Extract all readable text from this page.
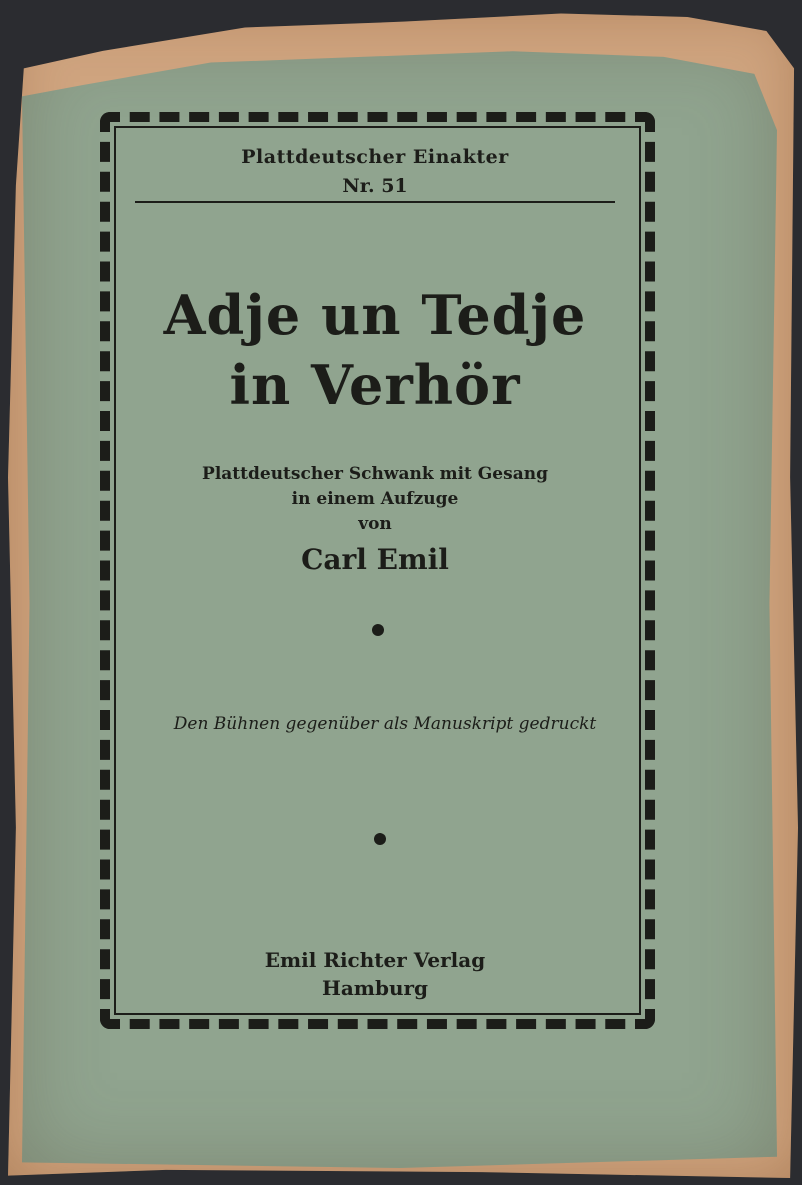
Plattdeutscher Einakter
Nr. 51
Adje un Tedje
in Verhör
Plattdeutscher Schwank mit Gesang
in einem Aufzuge
von
Carl Emil
Den Bühnen gegenüber als Manuskript gedruckt
Emil Richter Verlag
Hamburg
